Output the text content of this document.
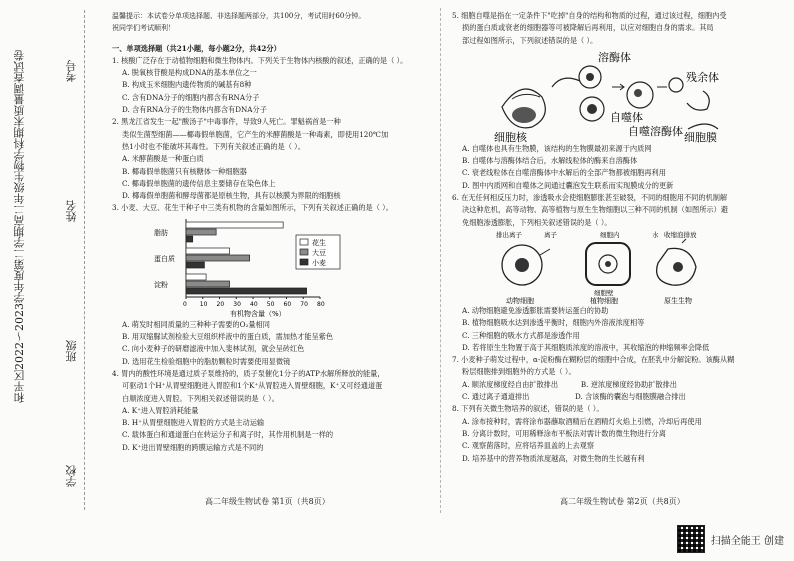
和平区2022～2023学年度第二学期高二年级生物学科期末质量调查试卷	考号
姓名
班级
学校

温馨提示：本试卷分单项选择题、非选择题两部分，共100分，考试用时60分钟。

祝同学们考试顺利！

一、单项选择题（共21小题，每小题2分，共42分）

1. 核酸广泛存在于动植物细胞和微生物体内。下列关于生物体内核酸的叙述，正确的是（ ）。

A. 脱氧核苷酸是构成DNA的基本单位之一

B. 构成玉米细胞内遗传物质的碱基有8种

C. 含有DNA分子的细胞内都含有RNA分子

D. 含有RNA分子的生物体内都含有DNA分子

2. 黑龙江省发生一起"酸汤子"中毒事件，导致9人死亡。罪魁祸首是一种

类似生菌型细菌——椰毒假单胞菌，它产生的米酵菌酸是一种毒素，即使用120℃加

热1小时也不能破坏其毒性。下列有关叙述正确的是（ ）。

A. 米酵菌酸是一种蛋白质

B. 椰毒假单胞菌只有核糖体一种细胞器

C. 椰毒假单胞菌的遗传信息主要储存在染色体上

D. 椰毒假单胞菌和酵母菌都是原核生物，具有以核膜为界限的细胞核

3. 小麦、大豆、花生干种子中三类有机物的含量如图所示，下列有关叙述正确的是（ ）。

脂肪
蛋白质
淀粉
0 10 20 30 40 50 60 70 80
有机物含量（%）
花生
大豆
小麦

A. 萌发时相同质量的三种种子需要的O₂量相同

B. 用双缩脲试剂检验大豆组织样液中的蛋白质，需加热才能呈紫色

C. 向小麦种子的研磨滤液中加入斐林试剂，就会呈砖红色

D. 选用花生检验细胞中的脂肪颗粒时需要使用显微镜

4. 胃内的酸性环境是通过质子泵维持的，质子泵催化1分子的ATP水解所释放的能量，

可驱动1个H⁺从胃壁细胞进入胃腔和1个K⁺从胃腔进入胃壁细胞，K⁺又可经通道蛋

白顺浓度进入胃腔。下列相关叙述错误的是（ ）。

A. K⁺进入胃腔消耗能量

B. H⁺从胃壁细胞进入胃腔的方式是主动运输

C. 载体蛋白和通道蛋白在转运分子和离子时，其作用机制是一样的

D. K⁺进出胃壁细胞的跨膜运输方式是不同的

高二年级生物试卷 第1页（共8页）

5. 细胞自噬是指在一定条件下"吃掉"自身的结构和物质的过程，通过该过程，细胞内受

损的蛋白质或衰老的细胞器等可被降解后再利用，以应对细胞自身的需求。其局

部过程如图所示，下列叙述错误的是（ ）。

溶酶体
自噬体
自噬溶酶体
残余体
细胞核	细胞膜

A. 自噬体也具有生物膜，该结构的生物膜最初来源于内质网

B. 自噬体与溶酶体结合后，水解线粒体的酶来自溶酶体

C. 衰老线粒体在自噬溶酶体中水解后的全部产物都被细胞再利用

D. 图中内质网和自噬体之间通过囊泡发生联系而实现膜成分的更新

6. 在无任何相反压力时，渗透吸水会使细胞膨胀甚至破裂，不同的细胞用不同的机制解

决这种危机，高等动物、高等植物与原生生物细胞以三种不同的机制（如图所示）避

免细胞渗透膨胀，下列相关叙述错误的是（ ）。

排出离子	离子	细胞内	水 收缩泡排放
细胞壁
动物细胞	植物细胞	原生生物

A. 动物细胞避免渗透膨胀需要转运蛋白的协助

B. 植物细胞吸水达到渗透平衡时，细胞内外溶液浓度相等

C. 三种细胞的吸水方式都是渗透作用

D. 若将原生生物置于高于其细胞质浓度的溶液中，其收缩泡的伸缩频率会降低

7. 小麦种子萌发过程中，α-淀粉酶在糊粉层的细胞中合成，在胚乳中分解淀粉。该酶从糊

粉层细胞排到细胞外的方式是（ ）。

A. 顺浓度梯度经自由扩散排出          B. 逆浓度梯度经协助扩散排出

C. 通过离子通道排出                    D. 含该酶的囊泡与细胞膜融合排出

8. 下列有关微生物培养的叙述，错误的是（ ）。

A. 涂布接种时，需将涂布器蘸取酒精后在酒精灯火焰上引燃，冷却后再使用

B. 分离计数时，可用稀释涂布平板法对需计数的微生物进行分离

C. 观察菌落时，应将培养皿盖的上去观察

D. 培养基中的营养物质浓度越高，对微生物的生长越有利

高二年级生物试卷 第2页（共8页）
扫描全能王 创建
